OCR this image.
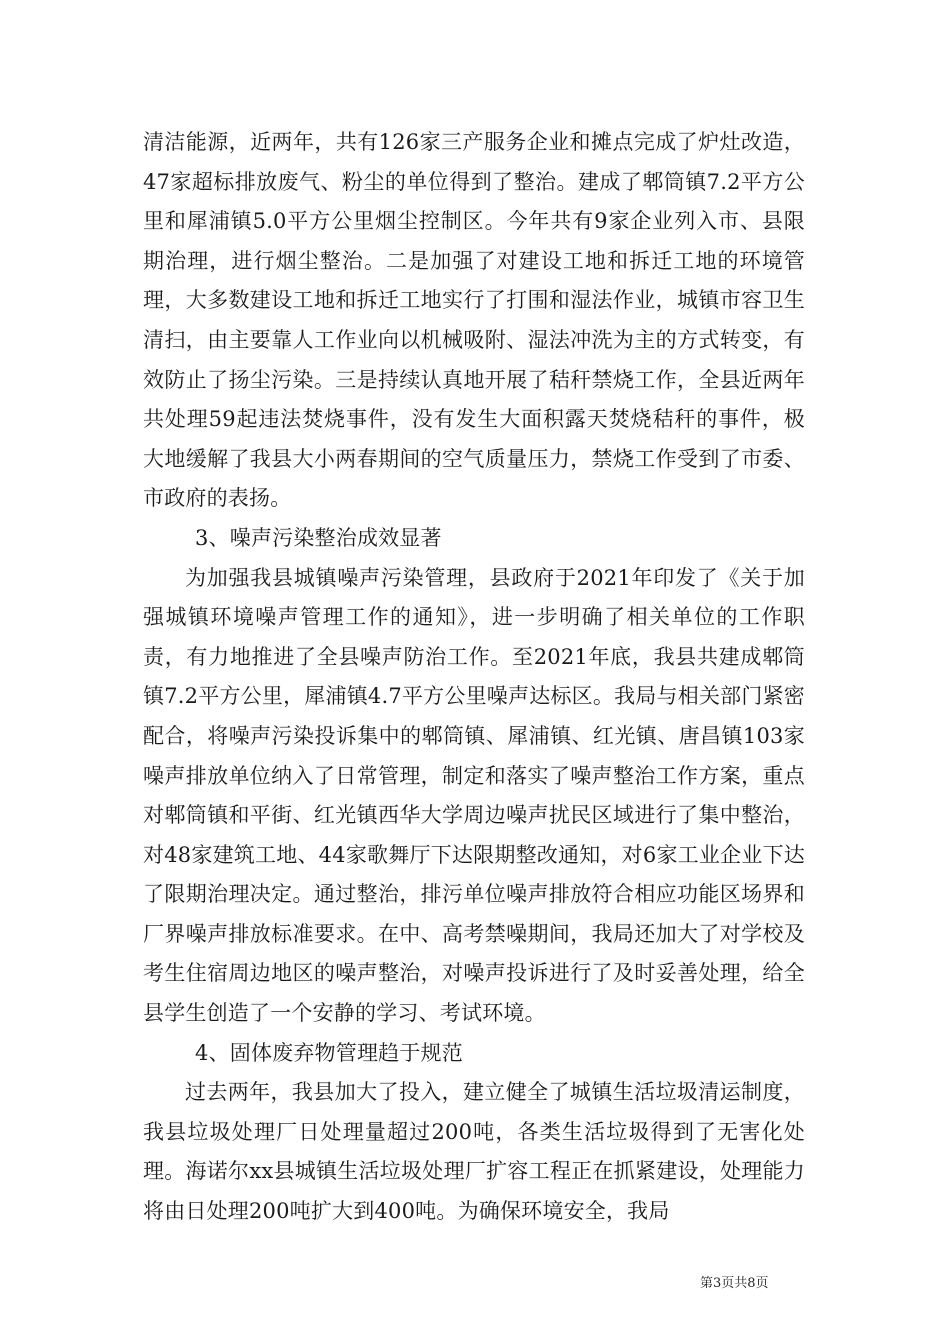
清洁能源，近两年，共有126家三产服务企业和摊点完成了炉灶改造，47家超标排放废气、粉尘的单位得到了整治。建成了郫筒镇7.2平方公里和犀浦镇5.0平方公里烟尘控制区。今年共有9家企业列入市、县限期治理，进行烟尘整治。二是加强了对建设工地和拆迁工地的环境管理，大多数建设工地和拆迁工地实行了打围和湿法作业，城镇市容卫生清扫，由主要靠人工作业向以机械吸附、湿法冲洗为主的方式转变，有效防止了扬尘污染。三是持续认真地开展了秸秆禁烧工作，全县近两年共处理59起违法焚烧事件，没有发生大面积露天焚烧秸秆的事件，极大地缓解了我县大小两春期间的空气质量压力，禁烧工作受到了市委、市政府的表扬。

3、噪声污染整治成效显著

为加强我县城镇噪声污染管理，县政府于2021年印发了《关于加强城镇环境噪声管理工作的通知》，进一步明确了相关单位的工作职责，有力地推进了全县噪声防治工作。至2021年底，我县共建成郫筒镇7.2平方公里，犀浦镇4.7平方公里噪声达标区。我局与相关部门紧密配合，将噪声污染投诉集中的郫筒镇、犀浦镇、红光镇、唐昌镇103家噪声排放单位纳入了日常管理，制定和落实了噪声整治工作方案，重点对郫筒镇和平街、红光镇西华大学周边噪声扰民区域进行了集中整治，对48家建筑工地、44家歌舞厅下达限期整改通知，对6家工业企业下达了限期治理决定。通过整治，排污单位噪声排放符合相应功能区场界和厂界噪声排放标准要求。在中、高考禁噪期间，我局还加大了对学校及考生住宿周边地区的噪声整治，对噪声投诉进行了及时妥善处理，给全县学生创造了一个安静的学习、考试环境。

4、固体废弃物管理趋于规范

过去两年，我县加大了投入，建立健全了城镇生活垃圾清运制度，我县垃圾处理厂日处理量超过200吨，各类生活垃圾得到了无害化处理。海诺尔xx县城镇生活垃圾处理厂扩容工程正在抓紧建设，处理能力将由日处理200吨扩大到400吨。为确保环境安全，我局

第3页共8页
